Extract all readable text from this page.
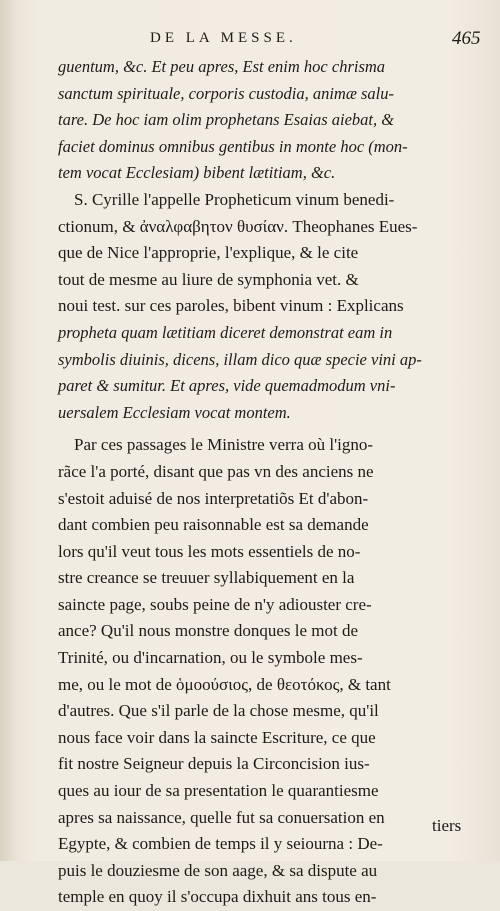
DE LA MESSE.	465
guentum, &c. Et peu apres, Est enim hoc chrisma
sanctum spirituale, corporis custodia, animæ salu-
tare. De hoc iam olim prophetans Esaias aiebat, &
faciet dominus omnibus gentibus in monte hoc (mon-
tem vocat Ecclesiam) bibent lætitiam, &c.
S. Cyrille l'appelle Propheticum vinum benedi-
ctionum, & ἀναλφαβητον θυσίαν. Theophanes Eues-
que de Nice l'approprie, l'explique, & le cite
tout de mesme au liure de symphonia vet. &
noui test. sur ces paroles, bibent vinum : Explicans
propheta quam lætitiam diceret demonstrat eam in
symbolis diuinis, dicens, illam dico quæ specie vini ap-
paret & sumitur. Et apres, vide quemadmodum vni-
uersalem Ecclesiam vocat montem.
Par ces passages le Ministre verra où l'igno-
rãce l'a porté, disant que pas vn des anciens ne
s'estoit aduisé de nos interpretatiõs Et d'abon-
dant combien peu raisonnable est sa demande
lors qu'il veut tous les mots essentiels de no-
stre creance se treuuer syllabiquement en la
saincte page, soubs peine de n'y adiouster cre-
ance? Qu'il nous monstre donques le mot de
Trinité, ou d'incarnation, ou le symbole mes-
me, ou le mot de ὁμοούσιος, de θεοτόκος, & tant
d'autres. Que s'il parle de la chose mesme, qu'il
nous face voir dans la saincte Escriture, ce que
fit nostre Seigneur depuis la Circoncision ius-
ques au iour de sa presentation le quarantiesme
apres sa naissance, quelle fut sa conuersation en
Egypte, & combien de temps il y seiourna : De-
puis le douziesme de son aage, & sa dispute au
temple en quoy il s'occupa dixhuit ans tous en-
tiers
